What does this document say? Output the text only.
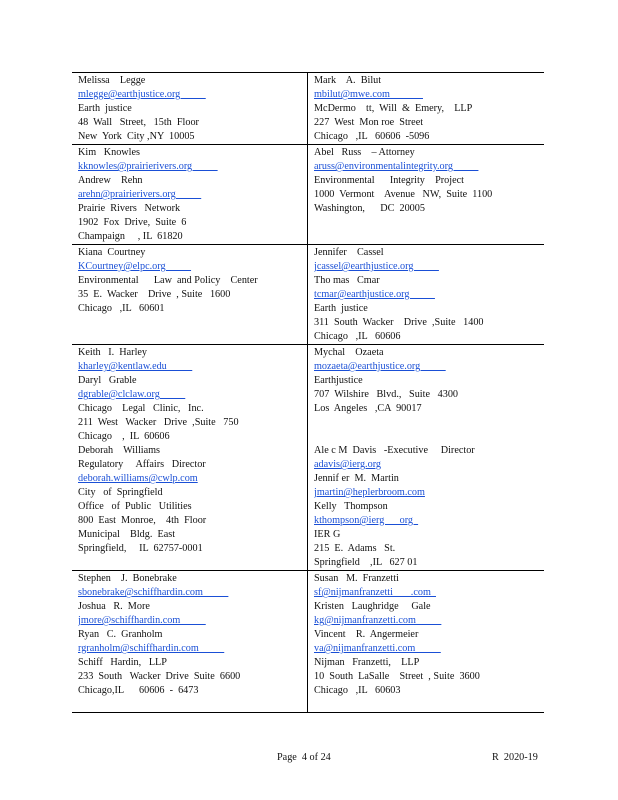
Melissa    Legge
mlegge@earthjustice.org
Earth  justice
48  Wall   Street,   15th  Floor
New  York  City ,NY  10005
Mark    A.  Bilut
mbilut@mwe.com
McDermo    tt,  Will  &  Emery,    LLP
227  West  Mon roe  Street
Chicago   ,IL   60606  -5096
Kim   Knowles
kknowles@prairierivers.org
Andrew    Rehn
arehn@prairierivers.org
Prairie  Rivers   Network
1902  Fox  Drive,  Suite  6
Champaign     , IL  61820
Abel   Russ    – Attorney
aruss@environmentalintegrity.org
Environmental      Integrity    Project
1000  Vermont    Avenue   NW,  Suite  1100
Washington,      DC  20005
Kiana  Courtney
KCourtney@elpc.org
Environmental      Law  and Policy    Center
35  E.  Wacker    Drive  , Suite   1600
Chicago   ,IL   60601
Jennifer    Cassel
jcassel@earthjustice.org
Tho mas   Cmar
tcmar@earthjustice.org
Earth  justice
311  South  Wacker    Drive  ,Suite   1400
Chicago   ,IL   60606
Keith   I.  Harley
kharley@kentlaw.edu
Daryl   Grable
dgrable@clclaw.org
Chicago    Legal   Clinic,   Inc.
211  West   Wacker   Drive  ,Suite   750
Chicago    ,  IL  60606
Deborah    Williams
Regulatory     Affairs   Director
deborah.williams@cwlp.com
City   of  Springfield
Office   of  Public   Utilities
800  East  Monroe,    4th  Floor
Municipal    Bldg.  East
Springfield,     IL  62757-0001
Mychal    Ozaeta
mozaeta@earthjustice.org
Earthjustice
707  Wilshire   Blvd.,   Suite   4300
Los  Angeles   ,CA  90017
Ale c M  Davis   -Executive     Director
adavis@ierg.org
Jennif er  M.  Martin
jmartin@heplerbroom.com
Kelly   Thompson
kthompson@ierg      org
IER G
215  E.  Adams   St.
Springfield    ,IL   627 01
Stephen    J.  Bonebrake
sbonebrake@schiffhardin.com
Joshua   R.  More
jmore@schiffhardin.com
Ryan   C.  Granholm
rgranholm@schiffhardin.com
Schiff   Hardin,   LLP
233  South   Wacker  Drive  Suite  6600
Chicago,IL      60606  -  6473
Susan   M.  Franzetti
sf@nijmanfranzetti       .com
Kristen   Laughridge     Gale
kg@nijmanfranzetti.com
Vincent    R.  Angermeier
va@nijmanfranzetti.com
Nijman   Franzetti,    LLP
10  South  LaSalle    Street  , Suite  3600
Chicago   ,IL   60603
Page  4 of 24	R  2020-19
